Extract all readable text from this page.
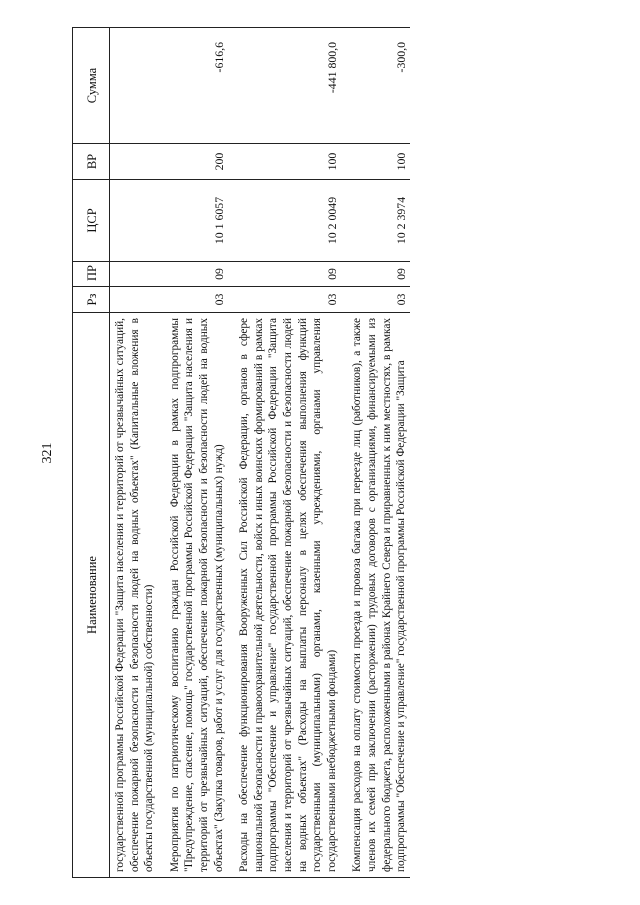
321
Наименование	Рз	ПР	ЦСР	ВР	Сумма
государственной программы Российской Федерации "Защита населения и территорий от чрезвычайных ситуаций, обеспечение пожарной безопасности и безопасности людей на водных объектах" (Капитальные вложения в объекты государственной (муниципальной) собственности)					
Мероприятия по патриотическому воспитанию граждан Российской Федерации в рамках подпрограммы "Предупреждение, спасение, помощь" государственной программы Российской Федерации "Защита населения и территорий от чрезвычайных ситуаций, обеспечение пожарной безопасности и безопасности людей на водных объектах" (Закупка товаров, работ и услуг для государственных (муниципальных) нужд)	03	09	10 1 6057	200	-616,6
Расходы на обеспечение функционирования Вооруженных Сил Российской Федерации, органов в сфере национальной безопасности и правоохранительной деятельности, войск и иных воинских формирований в рамках подпрограммы "Обеспечение и управление" государственной программы Российской Федерации "Защита населения и территорий от чрезвычайных ситуаций, обеспечение пожарной безопасности и безопасности людей на водных объектах" (Расходы на выплаты персоналу в целях обеспечения выполнения функций государственными (муниципальными) органами, казенными учреждениями, органами управления государственными внебюджетными фондами)	03	09	10 2 0049	100	-441 800,0
Компенсация расходов на оплату стоимости проезда и провоза багажа при переезде лиц (работников), а также членов их семей при заключении (расторжении) трудовых договоров с организациями, финансируемыми из федерального бюджета, расположенными в районах Крайнего Севера и приравненных к ним местностях, в рамках подпрограммы "Обеспечение и управление" государственной программы Российской Федерации "Защита	03	09	10 2 3974	100	-300,0
